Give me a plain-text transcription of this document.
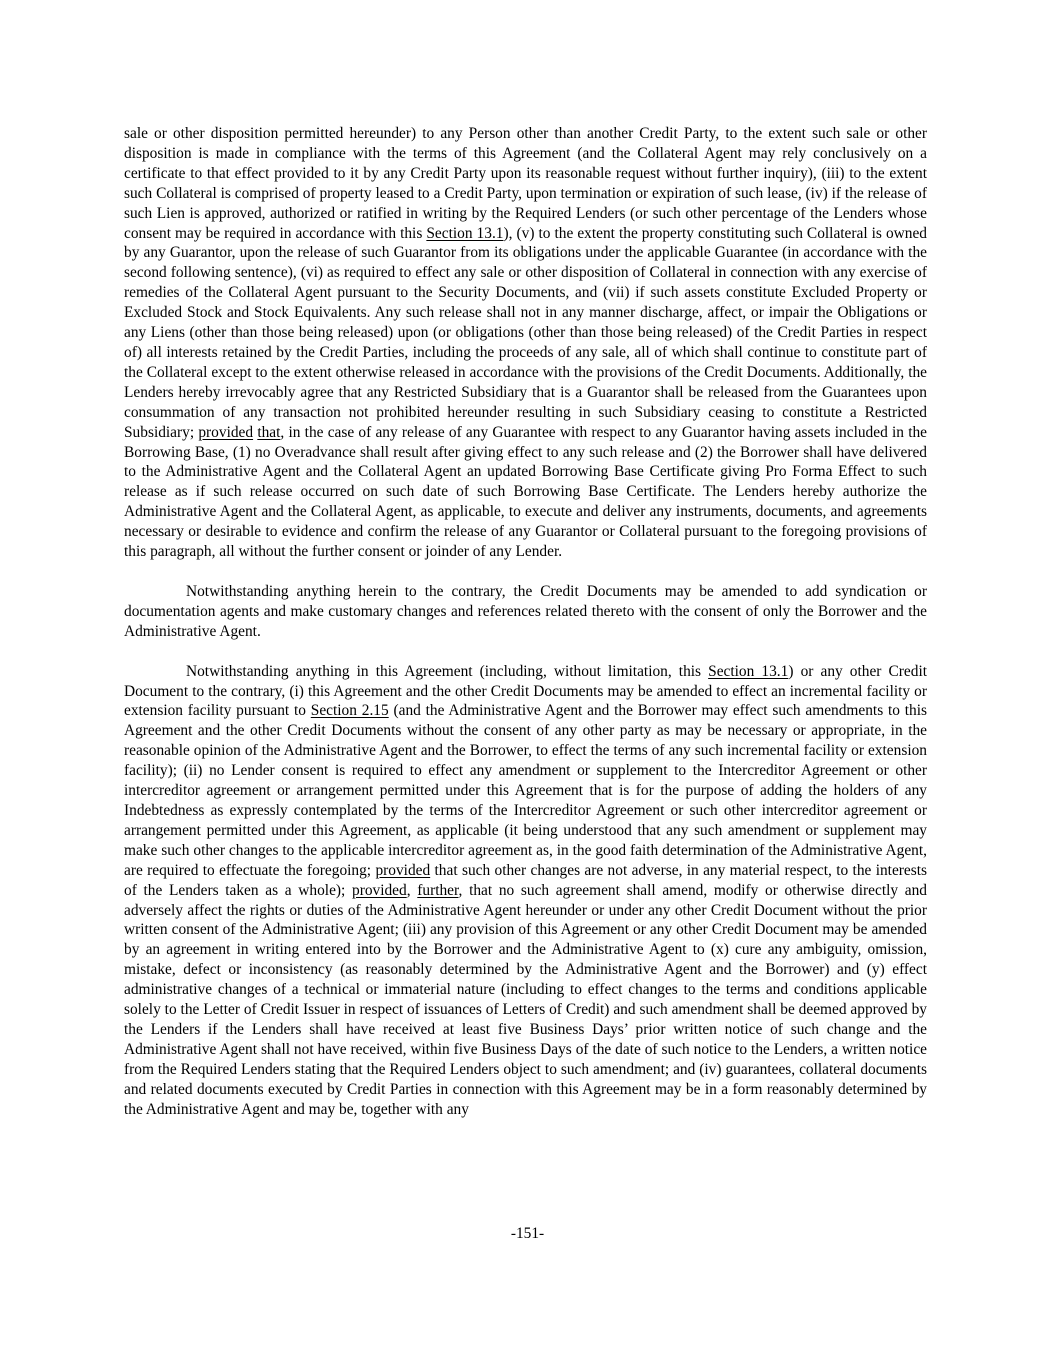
sale or other disposition permitted hereunder) to any Person other than another Credit Party, to the extent such sale or other disposition is made in compliance with the terms of this Agreement (and the Collateral Agent may rely conclusively on a certificate to that effect provided to it by any Credit Party upon its reasonable request without further inquiry), (iii) to the extent such Collateral is comprised of property leased to a Credit Party, upon termination or expiration of such lease, (iv) if the release of such Lien is approved, authorized or ratified in writing by the Required Lenders (or such other percentage of the Lenders whose consent may be required in accordance with this Section 13.1), (v) to the extent the property constituting such Collateral is owned by any Guarantor, upon the release of such Guarantor from its obligations under the applicable Guarantee (in accordance with the second following sentence), (vi) as required to effect any sale or other disposition of Collateral in connection with any exercise of remedies of the Collateral Agent pursuant to the Security Documents, and (vii) if such assets constitute Excluded Property or Excluded Stock and Stock Equivalents. Any such release shall not in any manner discharge, affect, or impair the Obligations or any Liens (other than those being released) upon (or obligations (other than those being released) of the Credit Parties in respect of) all interests retained by the Credit Parties, including the proceeds of any sale, all of which shall continue to constitute part of the Collateral except to the extent otherwise released in accordance with the provisions of the Credit Documents. Additionally, the Lenders hereby irrevocably agree that any Restricted Subsidiary that is a Guarantor shall be released from the Guarantees upon consummation of any transaction not prohibited hereunder resulting in such Subsidiary ceasing to constitute a Restricted Subsidiary; provided that, in the case of any release of any Guarantee with respect to any Guarantor having assets included in the Borrowing Base, (1) no Overadvance shall result after giving effect to any such release and (2) the Borrower shall have delivered to the Administrative Agent and the Collateral Agent an updated Borrowing Base Certificate giving Pro Forma Effect to such release as if such release occurred on such date of such Borrowing Base Certificate. The Lenders hereby authorize the Administrative Agent and the Collateral Agent, as applicable, to execute and deliver any instruments, documents, and agreements necessary or desirable to evidence and confirm the release of any Guarantor or Collateral pursuant to the foregoing provisions of this paragraph, all without the further consent or joinder of any Lender.

Notwithstanding anything herein to the contrary, the Credit Documents may be amended to add syndication or documentation agents and make customary changes and references related thereto with the consent of only the Borrower and the Administrative Agent.

Notwithstanding anything in this Agreement (including, without limitation, this Section 13.1) or any other Credit Document to the contrary, (i) this Agreement and the other Credit Documents may be amended to effect an incremental facility or extension facility pursuant to Section 2.15 (and the Administrative Agent and the Borrower may effect such amendments to this Agreement and the other Credit Documents without the consent of any other party as may be necessary or appropriate, in the reasonable opinion of the Administrative Agent and the Borrower, to effect the terms of any such incremental facility or extension facility); (ii) no Lender consent is required to effect any amendment or supplement to the Intercreditor Agreement or other intercreditor agreement or arrangement permitted under this Agreement that is for the purpose of adding the holders of any Indebtedness as expressly contemplated by the terms of the Intercreditor Agreement or such other intercreditor agreement or arrangement permitted under this Agreement, as applicable (it being understood that any such amendment or supplement may make such other changes to the applicable intercreditor agreement as, in the good faith determination of the Administrative Agent, are required to effectuate the foregoing; provided that such other changes are not adverse, in any material respect, to the interests of the Lenders taken as a whole); provided, further, that no such agreement shall amend, modify or otherwise directly and adversely affect the rights or duties of the Administrative Agent hereunder or under any other Credit Document without the prior written consent of the Administrative Agent; (iii) any provision of this Agreement or any other Credit Document may be amended by an agreement in writing entered into by the Borrower and the Administrative Agent to (x) cure any ambiguity, omission, mistake, defect or inconsistency (as reasonably determined by the Administrative Agent and the Borrower) and (y) effect administrative changes of a technical or immaterial nature (including to effect changes to the terms and conditions applicable solely to the Letter of Credit Issuer in respect of issuances of Letters of Credit) and such amendment shall be deemed approved by the Lenders if the Lenders shall have received at least five Business Days’ prior written notice of such change and the Administrative Agent shall not have received, within five Business Days of the date of such notice to the Lenders, a written notice from the Required Lenders stating that the Required Lenders object to such amendment; and (iv) guarantees, collateral documents and related documents executed by Credit Parties in connection with this Agreement may be in a form reasonably determined by the Administrative Agent and may be, together with any

-151-
